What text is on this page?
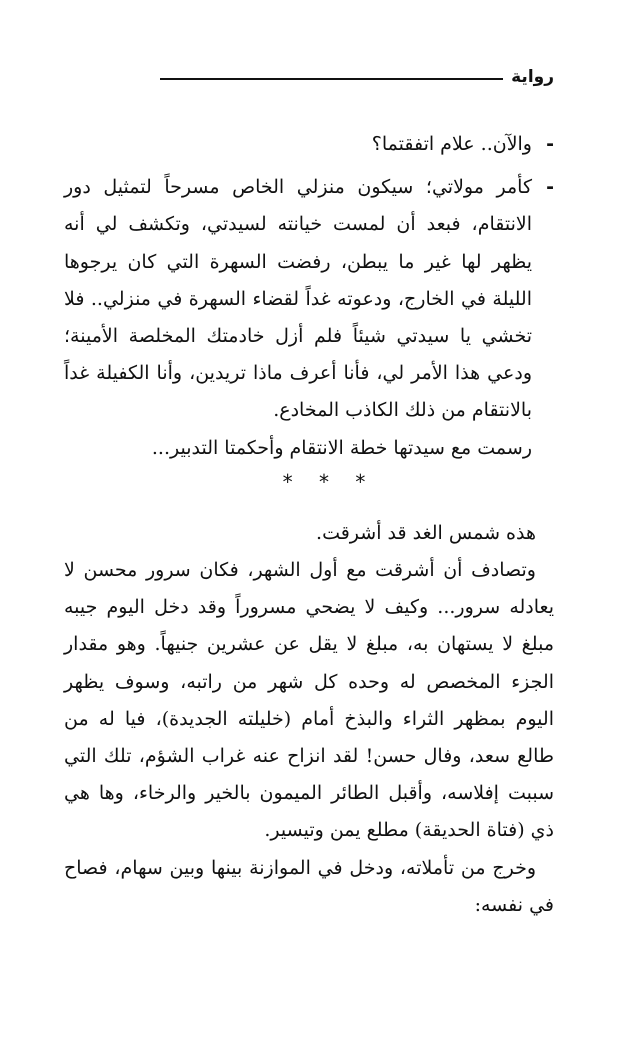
رواية
-

والآن.. علام اتفقتما؟

-

كأمر مولاتي؛ سيكون منزلي الخاص مسرحاً لتمثيل دور الانتقام، فبعد أن لمست خيانته لسيدتي، وتكشف لي أنه يظهر لها غير ما يبطن، رفضت السهرة التي كان يرجوها الليلة في الخارج، ودعوته غداً لقضاء السهرة في منزلي.. فلا تخشي يا سيدتي شيئاً فلم أزل خادمتك المخلصة الأمينة؛ ودعي هذا الأمر لي، فأنا أعرف ماذا تريدين، وأنا الكفيلة غداً بالانتقام من ذلك الكاذب المخادع.

رسمت مع سيدتها خطة الانتقام وأحكمتا التدبير...

* * *

هذه شمس الغد قد أشرقت.

وتصادف أن أشرقت مع أول الشهر، فكان سرور محسن لا يعادله سرور... وكيف لا يضحي مسروراً وقد دخل اليوم جيبه مبلغ لا يستهان به، مبلغ لا يقل عن عشرين جنيهاً. وهو مقدار الجزء المخصص له وحده كل شهر من راتبه، وسوف يظهر اليوم بمظهر الثراء والبذخ أمام (خليلته الجديدة)، فيا له من طالع سعد، وفال حسن! لقد انزاح عنه غراب الشؤم، تلك التي سببت إفلاسه، وأقبل الطائر الميمون بالخير والرخاء، وها هي ذي (فتاة الحديقة) مطلع يمن وتيسير.

وخرج من تأملاته، ودخل في الموازنة بينها وبين سهام، فصاح في نفسه:
